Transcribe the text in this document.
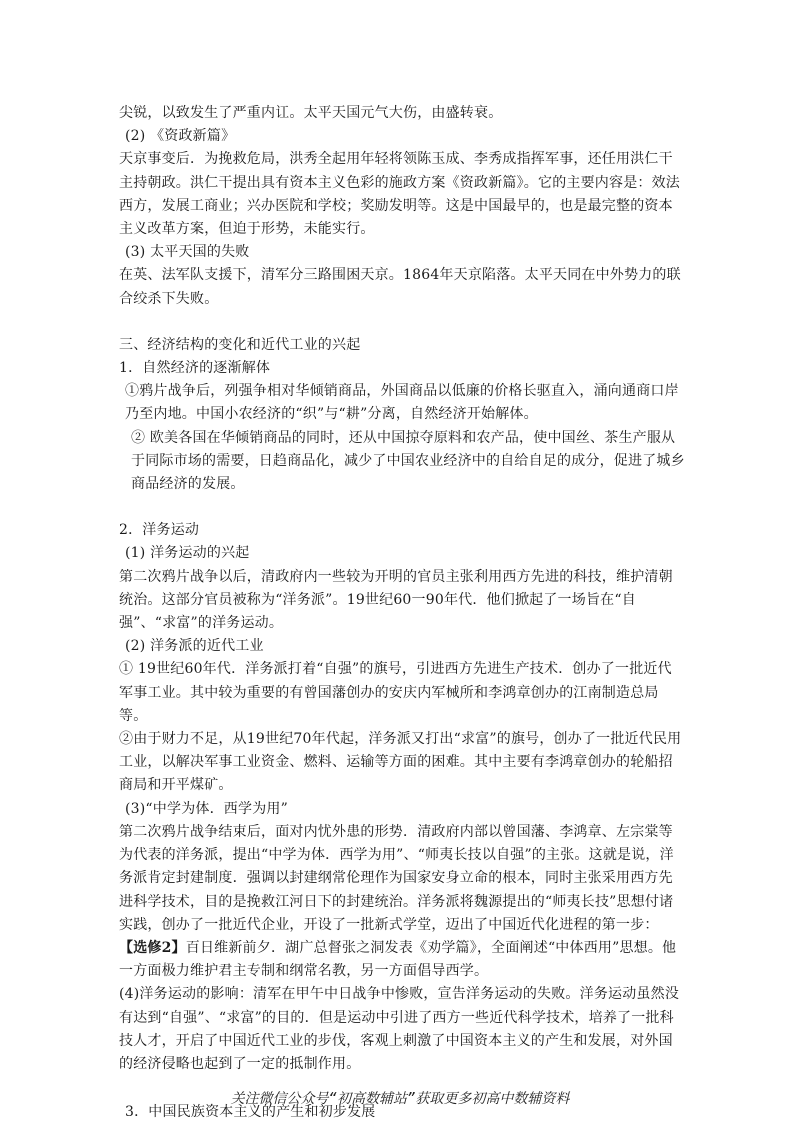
尖锐，以致发生了严重内讧。太平天国元气大伤，由盛转衰。

(2) 《资政新篇》

天京事变后．为挽救危局，洪秀全起用年轻将领陈玉成、李秀成指挥军事，还任用洪仁干主持朝政。洪仁干提出具有资本主义色彩的施政方案《资政新篇》。它的主要内容是：效法西方，发展工商业；兴办医院和学校；奖励发明等。这是中国最早的，也是最完整的资本主义改革方案，但迫于形势，未能实行。

(3) 太平天国的失败

在英、法军队支援下，清军分三路围困天京。1864年天京陷落。太平天同在中外势力的联合绞杀下失败。

三、经济结构的变化和近代工业的兴起

1．自然经济的逐渐解体

①鸦片战争后，列强争相对华倾销商品，外国商品以低廉的价格长驱直入，涌向通商口岸乃至内地。中国小农经济的“织”与“耕”分离，自然经济开始解体。

② 欧美各国在华倾销商品的同时，还从中国掠夺原料和农产品，使中国丝、茶生产服从于同际市场的需要，日趋商品化，减少了中国农业经济中的自给自足的成分，促进了城乡商品经济的发展。

2．洋务运动

(1) 洋务运动的兴起

第二次鸦片战争以后，清政府内一些较为开明的官员主张利用西方先进的科技，维护清朝统治。这部分官员被称为“洋务派”。19世纪60一90年代．他们掀起了一场旨在“自强”、“求富”的洋务运动。

(2) 洋务派的近代工业

① 19世纪60年代．洋务派打着“自强”的旗号，引进西方先进生产技术．创办了一批近代军事工业。其中较为重要的有曾国藩创办的安庆内军械所和李鸿章创办的江南制造总局等。

②由于财力不足，从19世纪70年代起，洋务派又打出“求富”的旗号，创办了一批近代民用工业，以解决军事工业资金、燃料、运输等方面的困难。其中主要有李鸿章创办的轮船招商局和开平煤矿。

(3)“中学为体．西学为用”

第二次鸦片战争结束后，面对内忧外患的形势．清政府内部以曾国藩、李鸿章、左宗棠等为代表的洋务派，提出“中学为体．西学为用”、“师夷长技以自强”的主张。这就是说，洋务派肯定封建制度．强调以封建纲常伦理作为国家安身立命的根本，同时主张采用西方先进科学技术，目的是挽救江河日下的封建统治。洋务派将魏源提出的“师夷长技”思想付诸实践，创办了一批近代企业，开设了一批新式学堂，迈出了中国近代化进程的第一步：
【选修2】百日维新前夕．湖广总督张之洞发表《劝学篇》，全面阐述“中体西用”思想。他一方面极力维护君主专制和纲常名教，另一方面倡导西学。

(4)洋务运动的影响：清军在甲午中日战争中惨败，宣告洋务运动的失败。洋务运动虽然没有达到“自强”、“求富”的目的．但是运动中引进了西方一些近代科学技术，培养了一批科技人才，开启了中国近代工业的步伐，客观上刺激了中国资本主义的产生和发展，对外国的经济侵略也起到了一定的抵制作用。

3．中国民族资本主义的产生和初步发展

关注微信公众号“初高数辅站”获取更多初高中数辅资料
